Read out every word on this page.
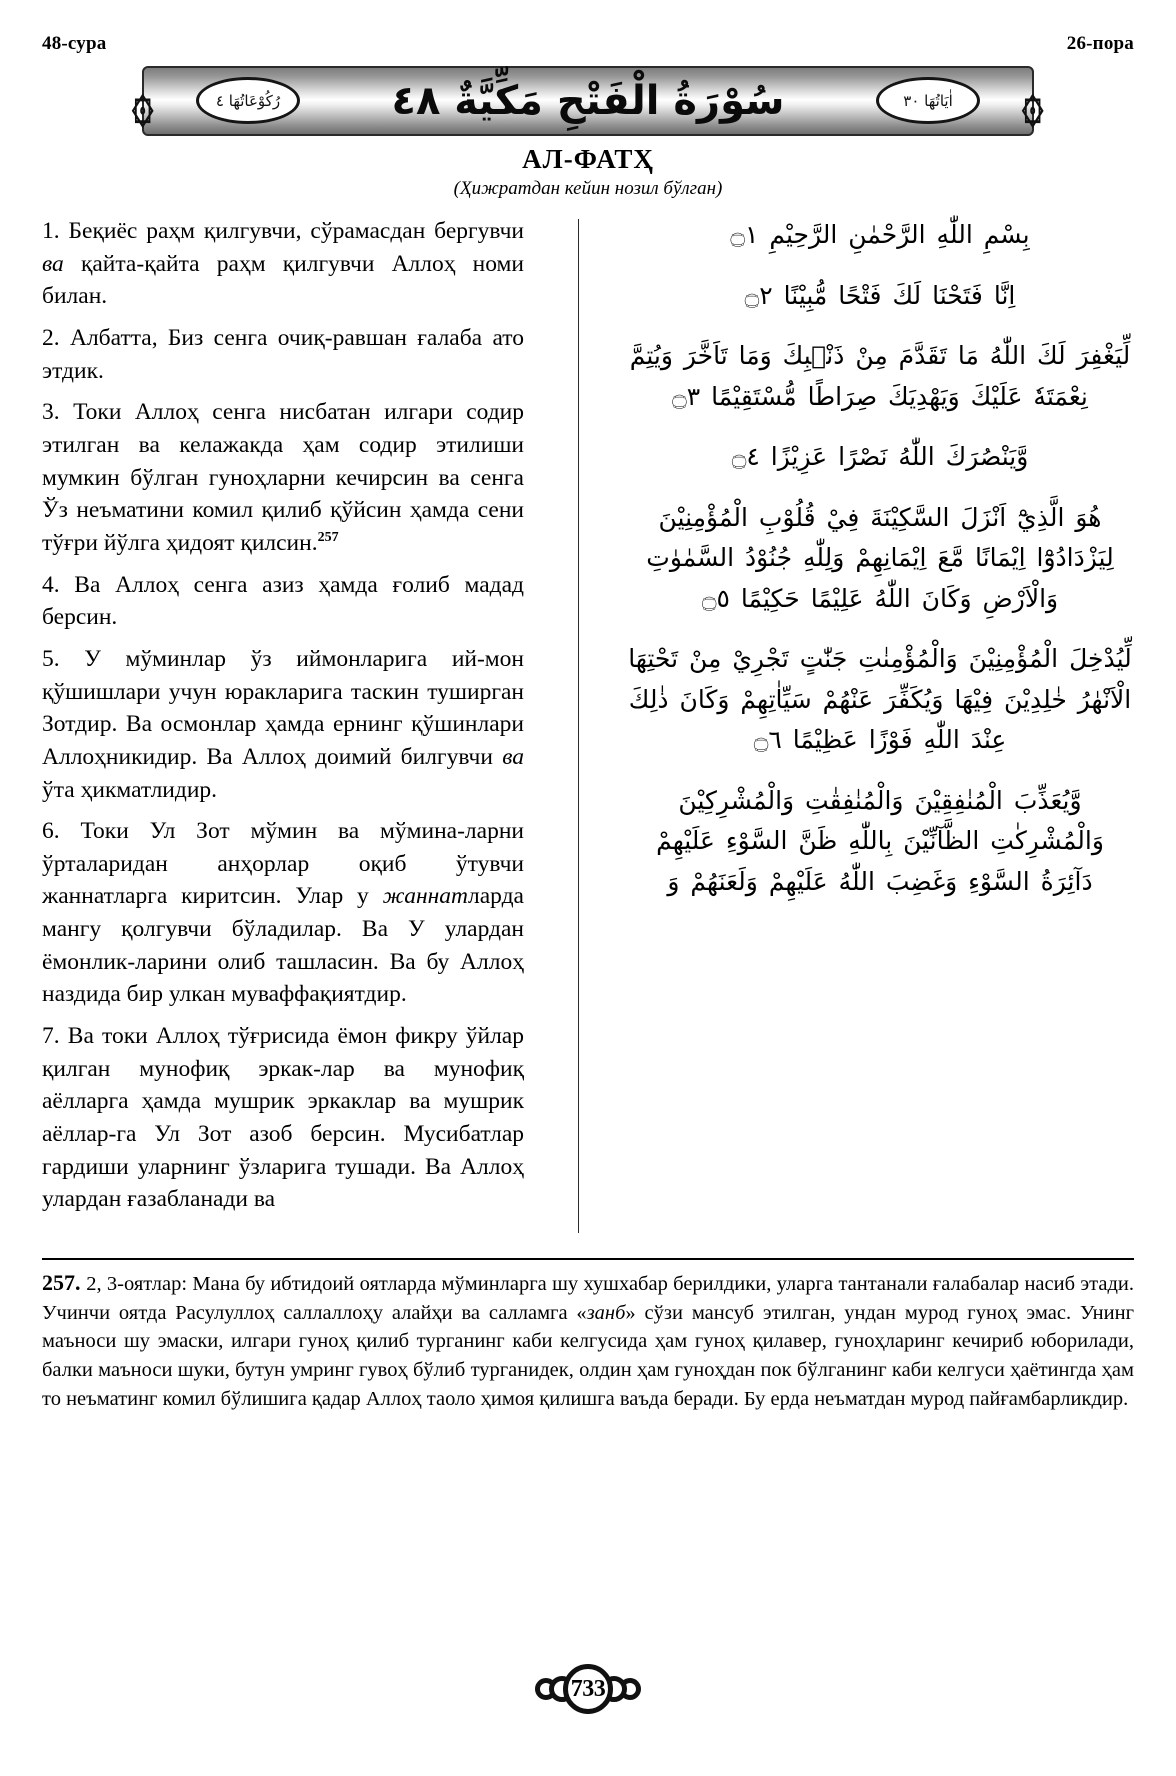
48-сура	26-пора
۞	۞
رُكُوْعَاتُهَا ٤	سُوْرَةُ الْفَتْحِ مَكِّيَّةٌ ٤٨	اٰیَاتُهَا ٣٠
АЛ-ФАТҲ
(Ҳижратдан кейин нозил бўлган)

1. Беқиёс раҳм қилгувчи, сўрамасдан бергувчи ва қайта-қайта раҳм қилгувчи Аллоҳ номи билан.

2. Албатта, Биз сенга очиқ-равшан ғалаба ато этдик.

3. Токи Аллоҳ сенга нисбатан илгари содир этилган ва келажакда ҳам содир этилиши мумкин бўлган гуноҳларни кечирсин ва сенга Ўз неъматини комил қилиб қўйсин ҳамда сени тўғри йўлга ҳидоят қилсин.$^{257}$

4. Ва Аллоҳ сенга азиз ҳамда ғолиб мадад берсин.

5. У мўминлар ўз иймонларига ий-мон қўшишлари учун юракларига таскин туширган Зотдир. Ва осмонлар ҳамда ернинг қўшинлари Аллоҳникидир. Ва Аллоҳ доимий билгувчи ва ўта ҳикматлидир.

6. Токи Ул Зот мўмин ва мўмина-ларни ўрталаридан анҳорлар оқиб ўтувчи жаннатларга киритсин. Улар у жаннатларда мангу қолгувчи бўладилар. Ва У улардан ёмонлик-ларини олиб ташласин. Ва бу Аллоҳ наздида бир улкан муваффақиятдир.

7. Ва токи Аллоҳ тўғрисида ёмон фикру ўйлар қилган мунофиқ эркак-лар ва мунофиқ аёлларга ҳамда мушрик эркаклар ва мушрик аёллар-га Ул Зот азоб берсин. Мусибатлар гардиши уларнинг ўзларига тушади. Ва Аллоҳ улардан ғазабланади ва

بِسْمِ اللّٰهِ الرَّحْمٰنِ الرَّحِيْمِ ۝١

اِنَّا فَتَحْنَا لَكَ فَتْحًا مُّبِيْنًا ۝٢

لِّيَغْفِرَ لَكَ اللّٰهُ مَا تَقَدَّمَ مِنْ ذَنْۢبِكَ وَمَا تَاَخَّرَ وَيُتِمَّ نِعْمَتَهٗ عَلَيْكَ وَيَهْدِيَكَ صِرَاطًا مُّسْتَقِيْمًا ۝٣

وَّيَنْصُرَكَ اللّٰهُ نَصْرًا عَزِيْزًا ۝٤

هُوَ الَّذِيْٓ اَنْزَلَ السَّكِيْنَةَ فِيْ قُلُوْبِ الْمُؤْمِنِيْنَ لِيَزْدَادُوْٓا اِيْمَانًا مَّعَ اِيْمَانِهِمْ وَلِلّٰهِ جُنُوْدُ السَّمٰوٰتِ وَالْاَرْضِ وَكَانَ اللّٰهُ عَلِيْمًا حَكِيْمًا ۝٥

لِّيُدْخِلَ الْمُؤْمِنِيْنَ وَالْمُؤْمِنٰتِ جَنّٰتٍ تَجْرِيْ مِنْ تَحْتِهَا الْاَنْهٰرُ خٰلِدِيْنَ فِيْهَا وَيُكَفِّرَ عَنْهُمْ سَيِّاٰتِهِمْ وَكَانَ ذٰلِكَ عِنْدَ اللّٰهِ فَوْزًا عَظِيْمًا ۝٦

وَّيُعَذِّبَ الْمُنٰفِقِيْنَ وَالْمُنٰفِقٰتِ وَالْمُشْرِكِيْنَ وَالْمُشْرِكٰتِ الظَّآنِّيْنَ بِاللّٰهِ ظَنَّ السَّوْءِ عَلَيْهِمْ دَآئِرَةُ السَّوْءِ وَغَضِبَ اللّٰهُ عَلَيْهِمْ وَلَعَنَهُمْ وَ

257. 2, 3-оятлар: Мана бу ибтидоий оятларда мўминларга шу хушхабар берилдики, уларга тантанали ғалабалар насиб этади. Учинчи оятда Расулуллоҳ саллаллоҳу алайҳи ва салламга «занб» сўзи мансуб этилган, ундан мурод гуноҳ эмас. Унинг маъноси шу эмаски, илгари гуноҳ қилиб турганинг каби келгусида ҳам гуноҳ қилавер, гуноҳларинг кечириб юборилади, балки маъноси шуки, бутун умринг гувоҳ бўлиб турганидек, олдин ҳам гуноҳдан пок бўлганинг каби келгуси ҳаётингда ҳам то неъматинг комил бўлишига қадар Аллоҳ таоло ҳимоя қилишга ваъда беради. Бу ерда неъматдан мурод пайғамбарликдир.
733
